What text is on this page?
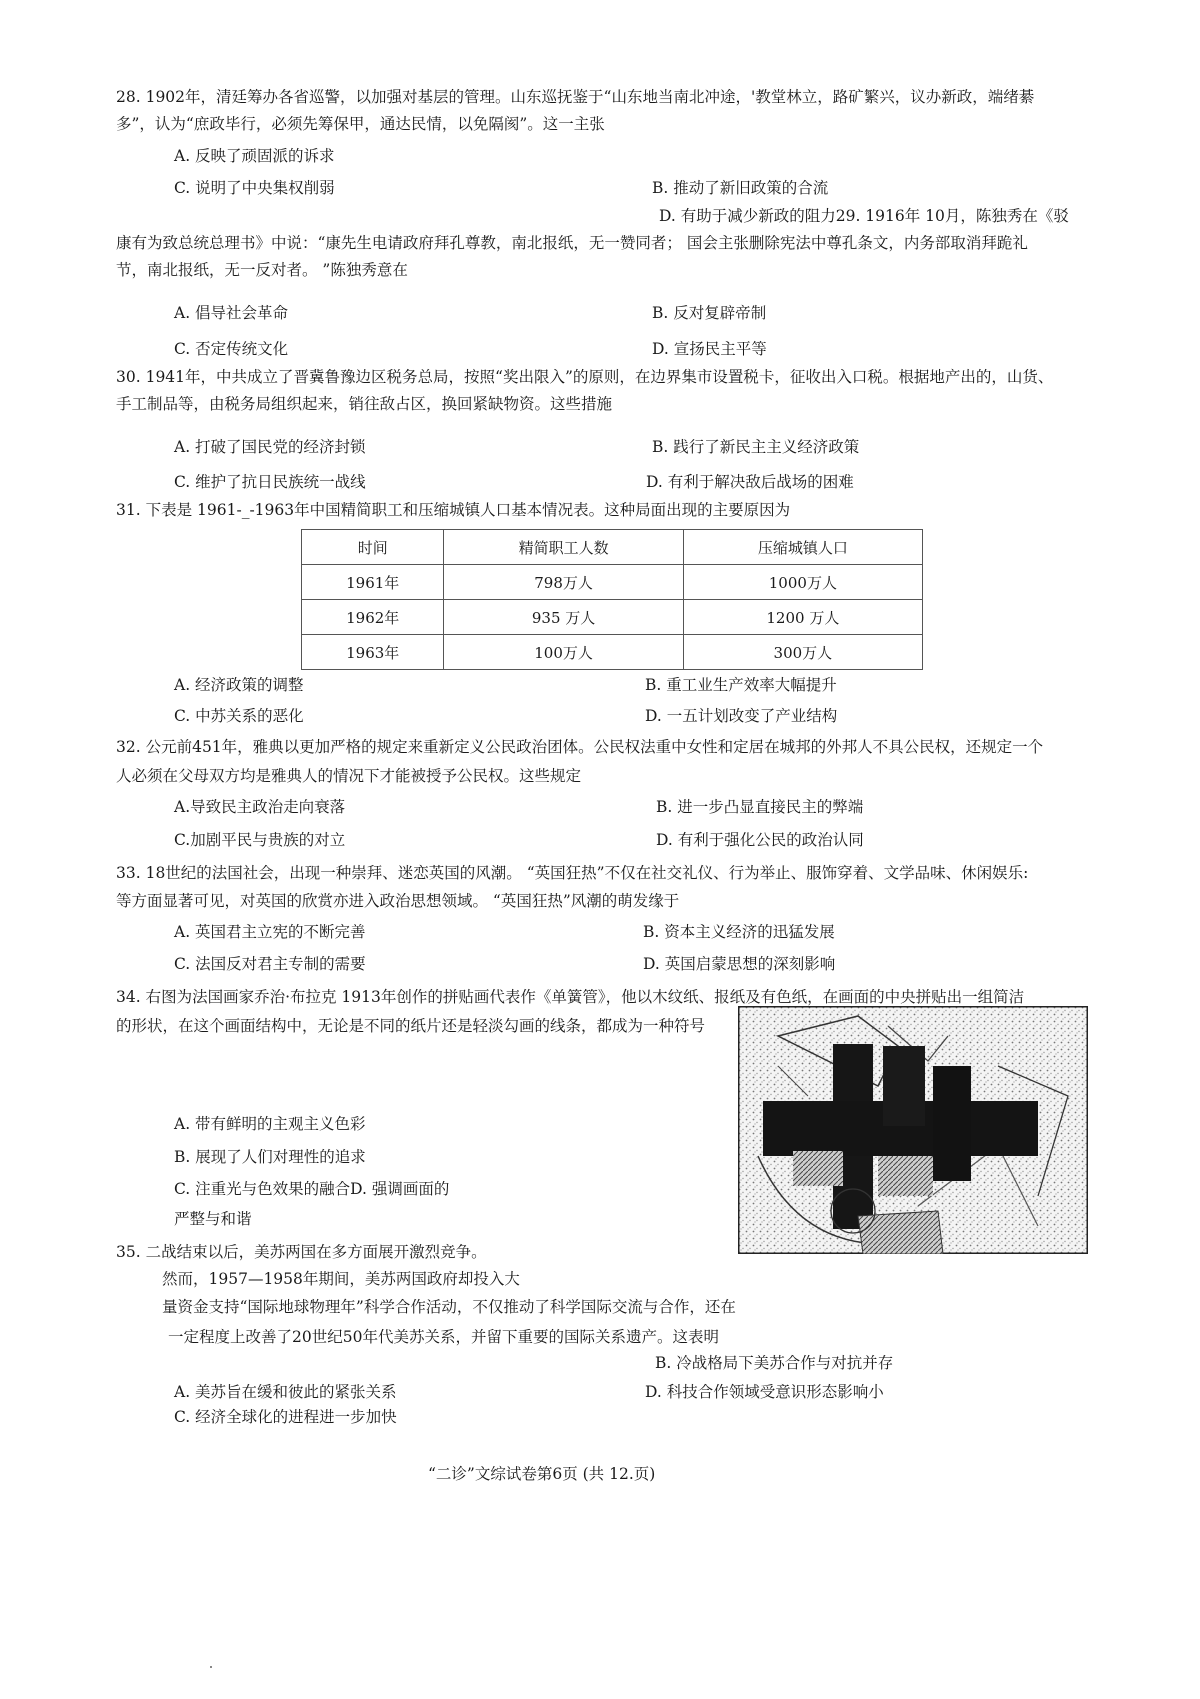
28. 1902年，清廷筹办各省巡警，以加强对基层的管理。山东巡抚鉴于“山东地当南北冲途，'教堂林立，路矿繁兴，议办新政，端绪綦
多”，认为“庶政毕行，必须先筹保甲，通达民情，以免隔阂”。这一主张
A. 反映了顽固派的诉求
C. 说明了中央集权削弱	B. 推动了新旧政策的合流
D. 有助于减少新政的阻力29. 1916年 10月，陈独秀在《驳
康有为致总统总理书》中说：“康先生电请政府拜孔尊教，南北报纸，无一赞同者； 国会主张删除宪法中尊孔条文，内务部取消拜跪礼
节，南北报纸，无一反对者。 ”陈独秀意在
A. 倡导社会革命	B. 反对复辟帝制
C. 否定传统文化	D. 宣扬民主平等
30. 1941年，中共成立了晋冀鲁豫边区税务总局，按照“奖出限入”的原则，在边界集市设置税卡，征收出入口税。根据地产出的，山货、
手工制品等，由税务局组织起来，销往敌占区，换回紧缺物资。这些措施
A. 打破了国民党的经济封锁	B. 践行了新民主主义经济政策
C. 维护了抗日民族统一战线	D. 有利于解决敌后战场的困难
31. 下表是 1961-_-1963年中国精简职工和压缩城镇人口基本情况表。这种局面出现的主要原因为
时间	精简职工人数	压缩城镇人口
1961年	798万人	1000万人
1962年	935 万人	1200 万人
1963年	100万人	300万人
A. 经济政策的调整	B. 重工业生产效率大幅提升
C. 中苏关系的恶化	D. 一五计划改变了产业结构
32. 公元前451年，雅典以更加严格的规定来重新定义公民政治团体。公民权法重中女性和定居在城邦的外邦人不具公民权，还规定一个
人必须在父母双方均是雅典人的情况下才能被授予公民权。这些规定
A.导致民主政治走向衰落	B. 进一步凸显直接民主的弊端
C.加剧平民与贵族的对立	D. 有利于强化公民的政治认同
33. 18世纪的法国社会，出现一种崇拜、迷恋英国的风潮。 “英国狂热”不仅在社交礼仪、行为举止、服饰穿着、文学品味、休闲娱乐:
等方面显著可见，对英国的欣赏亦进入政治思想领域。 “英国狂热”风潮的萌发缘于
A. 英国君主立宪的不断完善	B. 资本主义经济的迅猛发展
C. 法国反对君主专制的需要	D. 英国启蒙思想的深刻影响
34. 右图为法国画家乔治·布拉克 1913年创作的拼贴画代表作《单簧管》，他以木纹纸、报纸及有色纸，在画面的中央拼贴出一组简洁
的形状，在这个画面结构中，无论是不同的纸片还是轻淡勾画的线条，都成为一种符号
A. 带有鲜明的主观主义色彩
B. 展现了人们对理性的追求
C. 注重光与色效果的融合D. 强调画面的
严整与和谐
35. 二战结束以后，美苏两国在多方面展开激烈竞争。
然而，1957—1958年期间，美苏两国政府却投入大
量资金支持“国际地球物理年”科学合作活动，不仅推动了科学国际交流与合作，还在
一定程度上改善了20世纪50年代美苏关系，并留下重要的国际关系遗产。这表明
B. 冷战格局下美苏合作与对抗并存
A. 美苏旨在缓和彼此的紧张关系	D. 科技合作领域受意识形态影响小
C. 经济全球化的进程进一步加快
“二诊”文综试卷第6页 (共 12.页)
